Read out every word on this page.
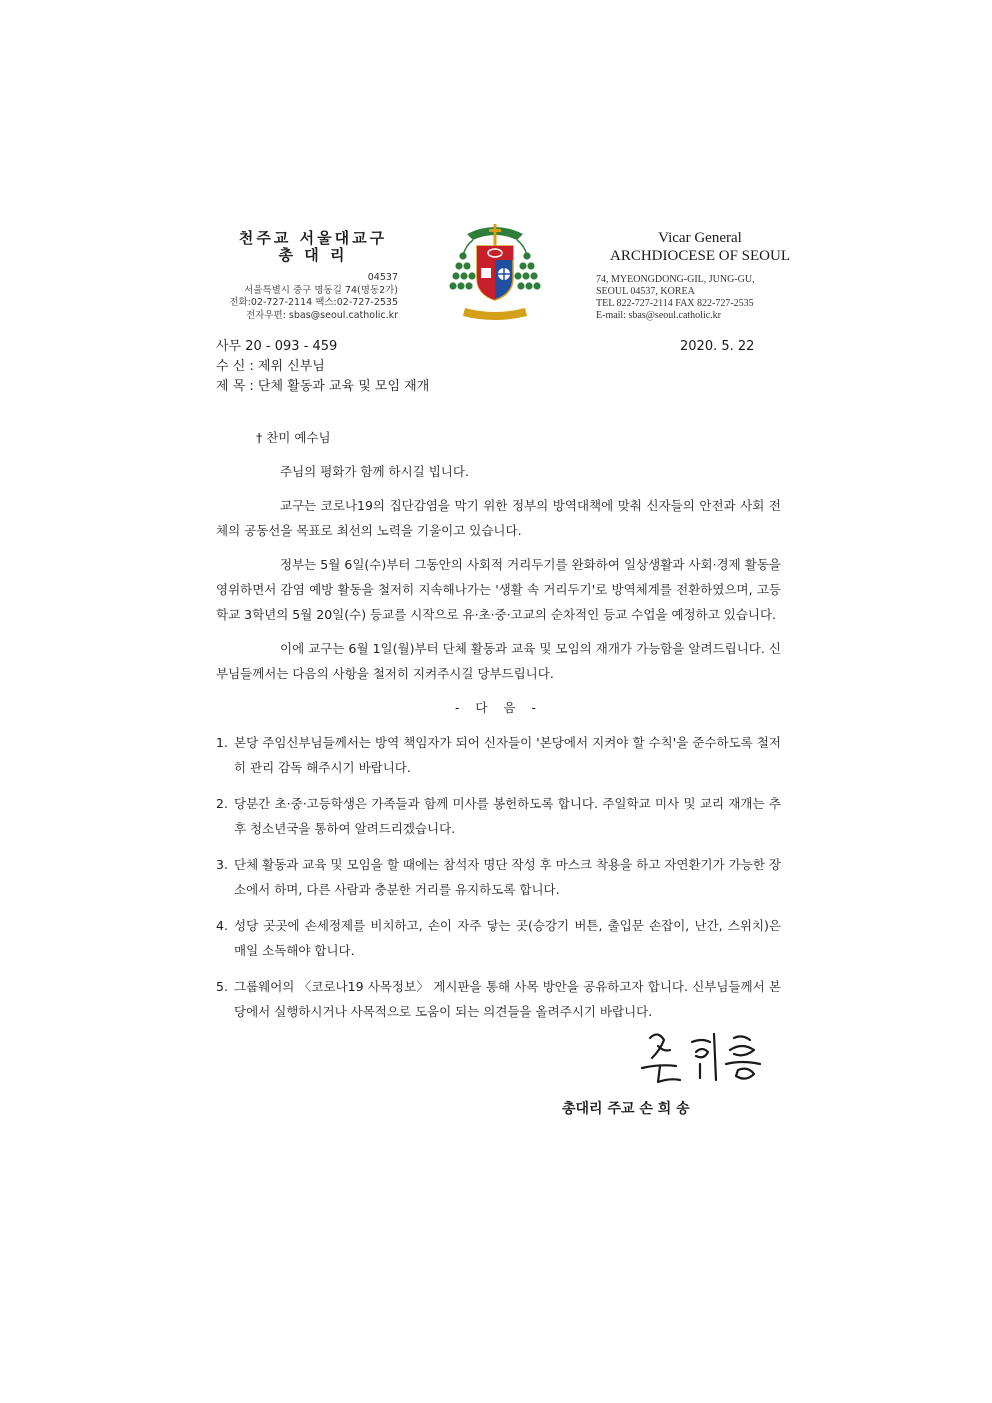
천주교 서울대교구
총 대 리
04537
서울특별시 중구 명동길 74(명동2가)
전화:02-727-2114 팩스:02-727-2535
전자우편: sbas@seoul.catholic.kr
Vicar General
ARCHDIOCESE OF SEOUL
74, MYEONGDONG-GIL, JUNG-GU,
SEOUL 04537, KOREA
TEL 822-727-2114 FAX 822-727-2535
E-mail: sbas@seoul.catholic.kr
사무 20 - 093 - 459
수 신 : 제위 신부님
제 목 : 단체 활동과 교육 및 모임 재개
2020. 5. 22

† 찬미 예수님

주님의 평화가 함께 하시길 빕니다.

교구는 코로나19의 집단감염을 막기 위한 정부의 방역대책에 맞춰 신자들의 안전과 사회 전체의 공동선을 목표로 최선의 노력을 기울이고 있습니다.

정부는 5월 6일(수)부터 그동안의 사회적 거리두기를 완화하여 일상생활과 사회·경제 활동을 영위하면서 감염 예방 활동을 철저히 지속해나가는 '생활 속 거리두기'로 방역체계를 전환하였으며, 고등학교 3학년의 5월 20일(수) 등교를 시작으로 유·초·중·고교의 순차적인 등교 수업을 예정하고 있습니다.

이에 교구는 6월 1일(월)부터 단체 활동과 교육 및 모임의 재개가 가능함을 알려드립니다. 신부님들께서는 다음의 사항을 철저히 지켜주시길 당부드립니다.

- 다 음 -

1. 본당 주임신부님들께서는 방역 책임자가 되어 신자들이 '본당에서 지켜야 할 수칙'을 준수하도록 철저히 관리 감독 해주시기 바랍니다.
2. 당분간 초·중·고등학생은 가족들과 함께 미사를 봉헌하도록 합니다. 주일학교 미사 및 교리 재개는 추후 청소년국을 통하여 알려드리겠습니다.
3. 단체 활동과 교육 및 모임을 할 때에는 참석자 명단 작성 후 마스크 착용을 하고 자연환기가 가능한 장소에서 하며, 다른 사람과 충분한 거리를 유지하도록 합니다.
4. 성당 곳곳에 손세정제를 비치하고, 손이 자주 닿는 곳(승강기 버튼, 출입문 손잡이, 난간, 스위치)은 매일 소독해야 합니다.
5. 그룹웨어의 〈코로나19 사목정보〉 게시판을 통해 사목 방안을 공유하고자 합니다. 신부님들께서 본당에서 실행하시거나 사목적으로 도움이 되는 의견들을 올려주시기 바랍니다.
총대리 주교 손 희 송
